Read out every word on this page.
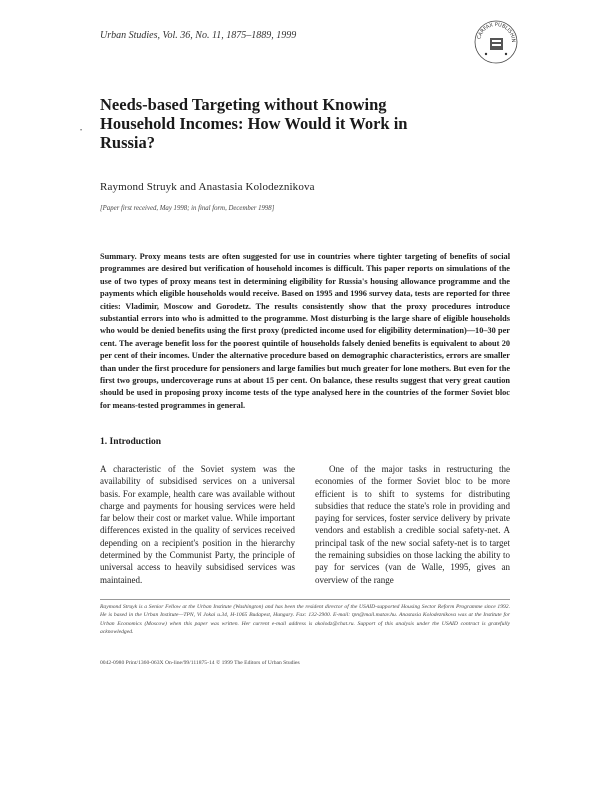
Urban Studies, Vol. 36, No. 11, 1875–1889, 1999	CARFAX PUBLISHIN
•
Needs-based Targeting without Knowing Household Incomes: How Would it Work in Russia?
Raymond Struyk and Anastasia Kolodeznikova
[Paper first received, May 1998; in final form, December 1998]

Summary. Proxy means tests are often suggested for use in countries where tighter targeting of benefits of social programmes are desired but verification of household incomes is difficult. This paper reports on simulations of the use of two types of proxy means test in determining eligibility for Russia's housing allowance programme and the payments which eligible households would receive. Based on 1995 and 1996 survey data, tests are reported for three cities: Vladimir, Moscow and Gorodetz. The results consistently show that the proxy procedures introduce substantial errors into who is admitted to the programme. Most disturbing is the large share of eligible households who would be denied benefits using the first proxy (predicted income used for eligibility determination)—10–30 per cent. The average benefit loss for the poorest quintile of households falsely denied benefits is equivalent to about 20 per cent of their incomes. Under the alternative procedure based on demographic characteristics, errors are smaller than under the first procedure for pensioners and large families but much greater for lone mothers. But even for the first two groups, undercoverage runs at about 15 per cent. On balance, these results suggest that very great caution should be used in proposing proxy income tests of the type analysed here in the countries of the former Soviet bloc for means-tested programmes in general.

1. Introduction

A characteristic of the Soviet system was the availability of subsidised services on a universal basis. For example, health care was available without charge and payments for housing services were held far below their cost or market value. While important differences existed in the quality of services received depending on a recipient's position in the hierarchy determined by the Communist Party, the principle of universal access to heavily subsidised services was maintained.

One of the major tasks in restructuring the economies of the former Soviet bloc to be more efficient is to shift to systems for distributing subsidies that reduce the state's role in providing and paying for services, foster service delivery by private vendors and establish a credible social safety-net. A principal task of the new social safety-net is to target the remaining subsidies on those lacking the ability to pay for services (van de Walle, 1995, gives an overview of the range

Raymond Struyk is a Senior Fellow at the Urban Institute (Washington) and has been the resident director of the USAID-supported Housing Sector Reform Programme since 1992. He is based in the Urban Institute—TPN, Vi Jokai u.34, H-1065 Budapest, Hungary. Fax: 132-2900. E-mail: tpn@mail.matav.hu. Anastasia Kolodeznikova was at the Institute for Urban Economics (Moscow) when this paper was written. Her current e-mail address is akolodz@chat.ru. Support of this analysis under the USAID contract is gratefully acknowledged.

0042-0980 Print/1360-063X On-line/99/111875-14 © 1999 The Editors of Urban Studies
